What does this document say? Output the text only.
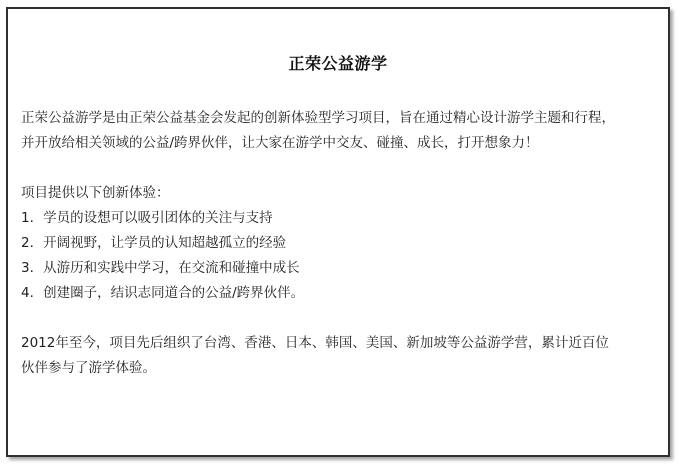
正荣公益游学

正荣公益游学是由正荣公益基金会发起的创新体验型学习项目，旨在通过精心设计游学主题和行程，

并开放给相关领域的公益/跨界伙伴，让大家在游学中交友、碰撞、成长，打开想象力！

项目提供以下创新体验：

1．学员的设想可以吸引团体的关注与支持

2．开阔视野，让学员的认知超越孤立的经验

3．从游历和实践中学习，在交流和碰撞中成长

4．创建圈子，结识志同道合的公益/跨界伙伴。

2012年至今，项目先后组织了台湾、香港、日本、韩国、美国、新加坡等公益游学营，累计近百位

伙伴参与了游学体验。
